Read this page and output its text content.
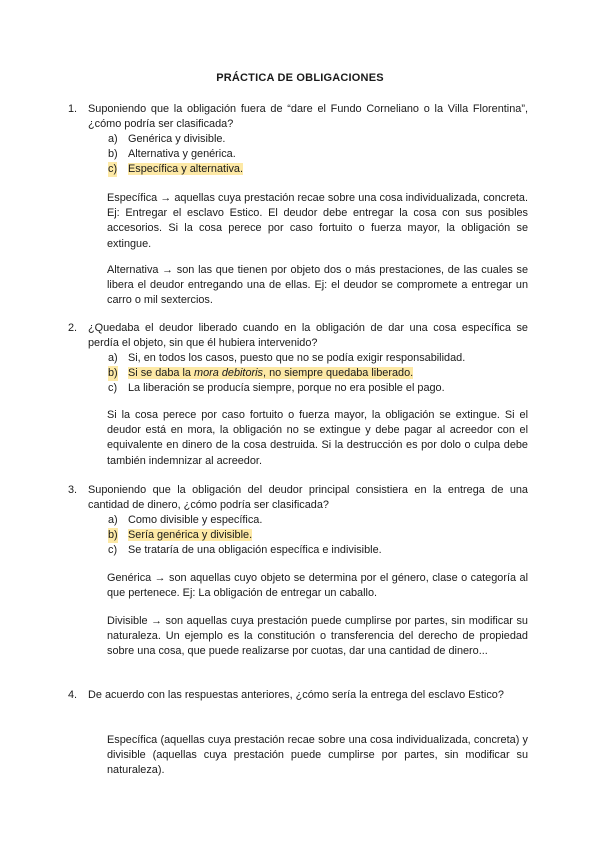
PRÁCTICA DE OBLIGACIONES
1. Suponiendo que la obligación fuera de “dare el Fundo Corneliano o la Villa Florentina”, ¿cómo podría ser clasificada?
a) Genérica y divisible.
b) Alternativa y genérica.
c) Específica y alternativa.
Específica → aquellas cuya prestación recae sobre una cosa individualizada, concreta. Ej: Entregar el esclavo Estico. El deudor debe entregar la cosa con sus posibles accesorios. Si la cosa perece por caso fortuito o fuerza mayor, la obligación se extingue.
Alternativa → son las que tienen por objeto dos o más prestaciones, de las cuales se libera el deudor entregando una de ellas. Ej: el deudor se compromete a entregar un carro o mil sextercios.
2. ¿Quedaba el deudor liberado cuando en la obligación de dar una cosa específica se perdía el objeto, sin que él hubiera intervenido?
a) Si, en todos los casos, puesto que no se podía exigir responsabilidad.
b) Si se daba la mora debitoris, no siempre quedaba liberado.
c) La liberación se producía siempre, porque no era posible el pago.
Si la cosa perece por caso fortuito o fuerza mayor, la obligación se extingue. Si el deudor está en mora, la obligación no se extingue y debe pagar al acreedor con el equivalente en dinero de la cosa destruida. Si la destrucción es por dolo o culpa debe también indemnizar al acreedor.
3. Suponiendo que la obligación del deudor principal consistiera en la entrega de una cantidad de dinero, ¿cómo podría ser clasificada?
a) Como divisible y específica.
b) Sería genérica y divisible.
c) Se trataría de una obligación específica e indivisible.
Genérica → son aquellas cuyo objeto se determina por el género, clase o categoría al que pertenece. Ej: La obligación de entregar un caballo.
Divisible → son aquellas cuya prestación puede cumplirse por partes, sin modificar su naturaleza. Un ejemplo es la constitución o transferencia del derecho de propiedad sobre una cosa, que puede realizarse por cuotas, dar una cantidad de dinero...
4. De acuerdo con las respuestas anteriores, ¿cómo sería la entrega del esclavo Estico?
Específica (aquellas cuya prestación recae sobre una cosa individualizada, concreta) y divisible (aquellas cuya prestación puede cumplirse por partes, sin modificar su naturaleza).
